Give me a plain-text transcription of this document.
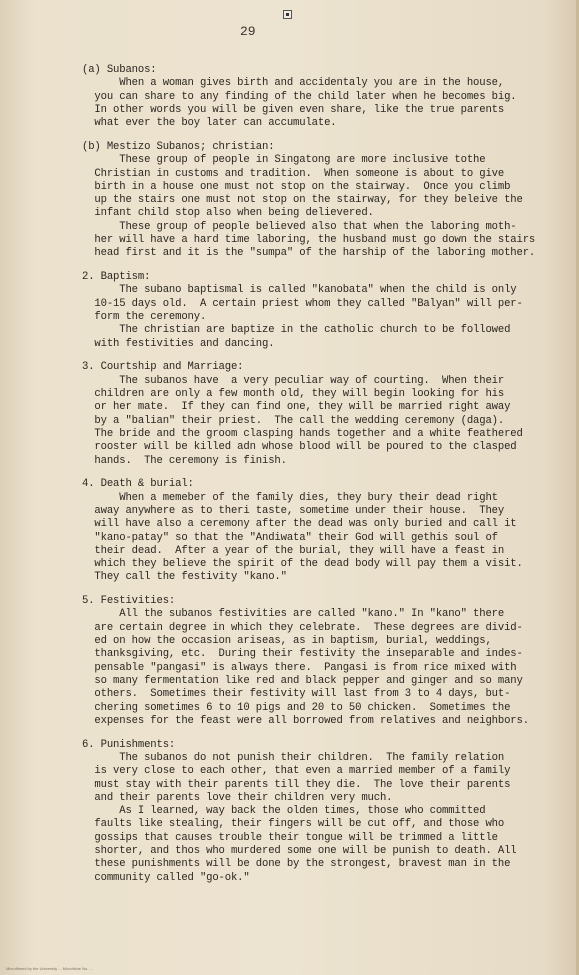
29
(a) Subanos:
When a woman gives birth and accidentaly you are in the house,
you can share to any finding of the child later when he becomes big.
In other words you will be given even share, like the true parents
what ever the boy later can accumulate.
(b) Mestizo Subanos; christian:
These group of people in Singatong are more inclusive tothe
Christian in customs and tradition.  When someone is about to give
birth in a house one must not stop on the stairway.  Once you climb
up the stairs one must not stop on the stairway, for they beleive the
infant child stop also when being delievered.
These group of people believed also that when the laboring moth-
her will have a hard time laboring, the husband must go down the stairs
head first and it is the "sumpa" of the harship of the laboring mother.
2. Baptism:
The subano baptismal is called "kanobata" when the child is only
10-15 days old.  A certain priest whom they called "Balyan" will per-
form the ceremony.
The christian are baptize in the catholic church to be followed
with festivities and dancing.
3. Courtship and Marriage:
The subanos have  a very peculiar way of courting.  When their
children are only a few month old, they will begin looking for his
or her mate.  If they can find one, they will be married right away
by a "balian" their priest.  The call the wedding ceremony (daga).
The bride and the groom clasping hands together and a white feathered
rooster will be killed adn whose blood will be poured to the clasped
hands.  The ceremony is finish.
4. Death & burial:
When a memeber of the family dies, they bury their dead right
away anywhere as to theri taste, sometime under their house.  They
will have also a ceremony after the dead was only buried and call it
"kano-patay" so that the "Andiwata" their God will gethis soul of
their dead.  After a year of the burial, they will have a feast in
which they believe the spirit of the dead body will pay them a visit.
They call the festivity "kano."
5. Festivities:
All the subanos festivities are called "kano." In "kano" there
are certain degree in which they celebrate.  These degrees are divid-
ed on how the occasion ariseas, as in baptism, burial, weddings,
thanksgiving, etc.  During their festivity the inseparable and indes-
pensable "pangasi" is always there.  Pangasi is from rice mixed with
so many fermentation like red and black pepper and ginger and so many
others.  Sometimes their festivity will last from 3 to 4 days, but-
chering sometimes 6 to 10 pigs and 20 to 50 chicken.  Sometimes the
expenses for the feast were all borrowed from relatives and neighbors.
6. Punishments:
The subanos do not punish their children.  The family relation
is very close to each other, that even a married member of a family
must stay with their parents till they die.  The love their parents
and their parents love their children very much.
As I learned, way back the olden times, those who committed
faults like stealing, their fingers will be cut off, and those who
gossips that causes trouble their tongue will be trimmed a little
shorter, and thos who murdered some one will be punish to death. All
these punishments will be done by the strongest, bravest man in the
community called "go-ok."
Microfilmed by the University ... Microfiche No. ...
